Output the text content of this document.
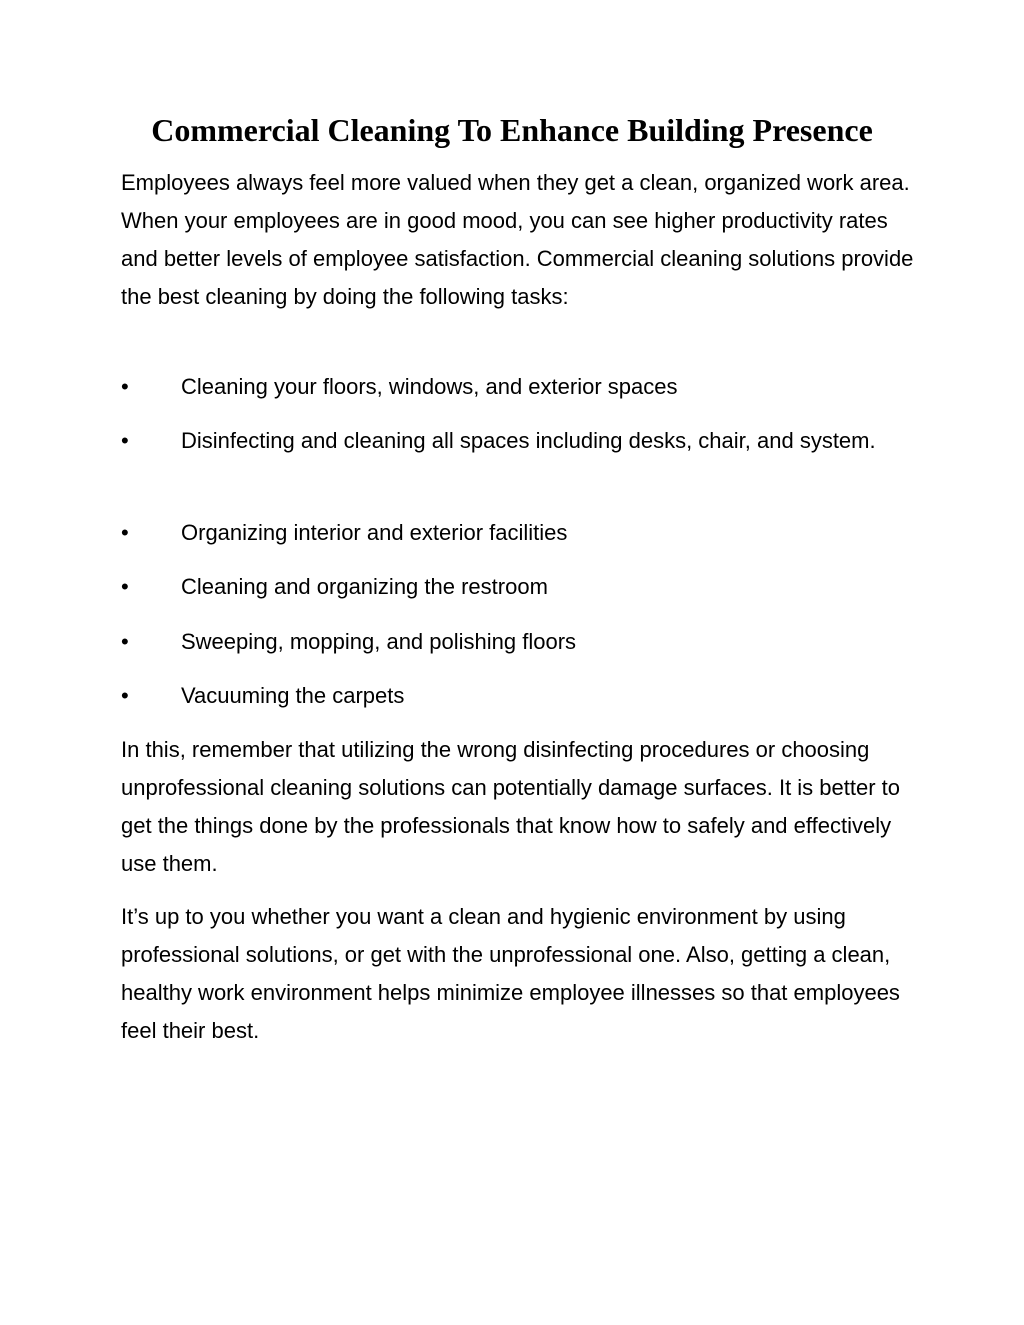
Commercial Cleaning To Enhance Building Presence

Employees always feel more valued when they get a clean, organized work area. When your employees are in good mood, you can see higher productivity rates and better levels of employee satisfaction. Commercial cleaning solutions provide the best cleaning by doing the following tasks:

• Cleaning your floors, windows, and exterior spaces

• Disinfecting and cleaning all spaces including desks, chair, and system.

• Organizing interior and exterior facilities

• Cleaning and organizing the restroom

• Sweeping, mopping, and polishing floors

• Vacuuming the carpets

In this, remember that utilizing the wrong disinfecting procedures or choosing unprofessional cleaning solutions can potentially damage surfaces. It is better to get the things done by the professionals that know how to safely and effectively use them.

It’s up to you whether you want a clean and hygienic environment by using professional solutions, or get with the unprofessional one. Also, getting a clean, healthy work environment helps minimize employee illnesses so that employees feel their best.
